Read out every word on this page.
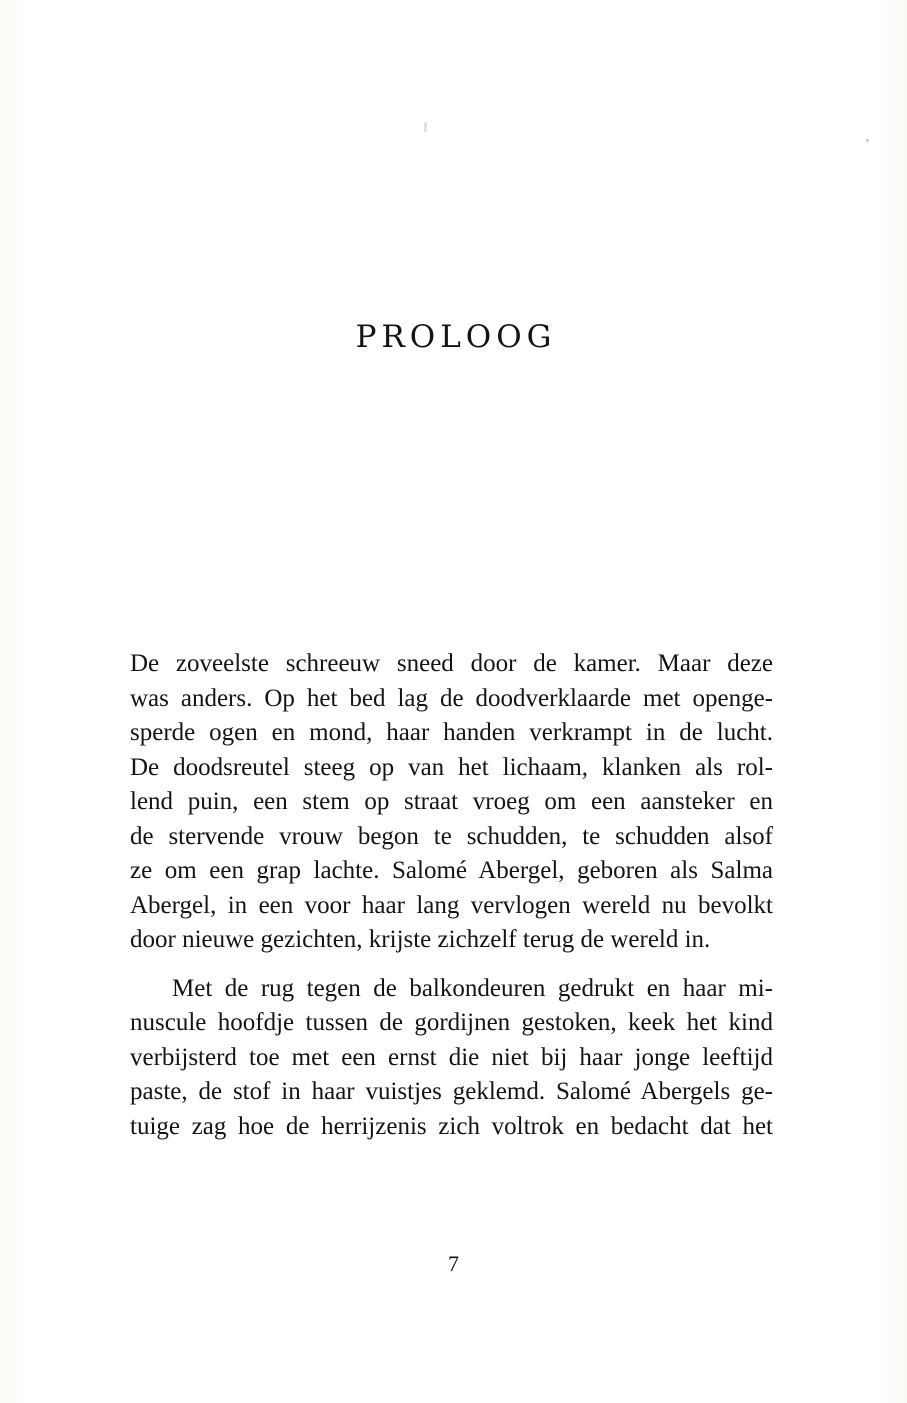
PROLOOG
De zoveelste schreeuw sneed door de kamer. Maar deze
was anders. Op het bed lag de doodverklaarde met opengе-
sperde ogen en mond, haar handen verkrampt in de lucht.
De doodsreutel steeg op van het lichaam, klanken als rol-
lend puin, een stem op straat vroeg om een aansteker en
de stervende vrouw begon te schudden, te schudden alsof
ze om een grap lachte. Salomé Abergel, geboren als Salma
Abergel, in een voor haar lang vervlogen wereld nu bevolkt
door nieuwe gezichten, krijste zichzelf terug de wereld in.
Met de rug tegen de balkondeuren gedrukt en haar mi-
nuscule hoofdje tussen de gordijnen gestoken, keek het kind
verbijsterd toe met een ernst die niet bij haar jonge leeftijd
paste, de stof in haar vuistjes geklemd. Salomé Abergels ge-
tuige zag hoe de herrijzenis zich voltrok en bedacht dat het
7
